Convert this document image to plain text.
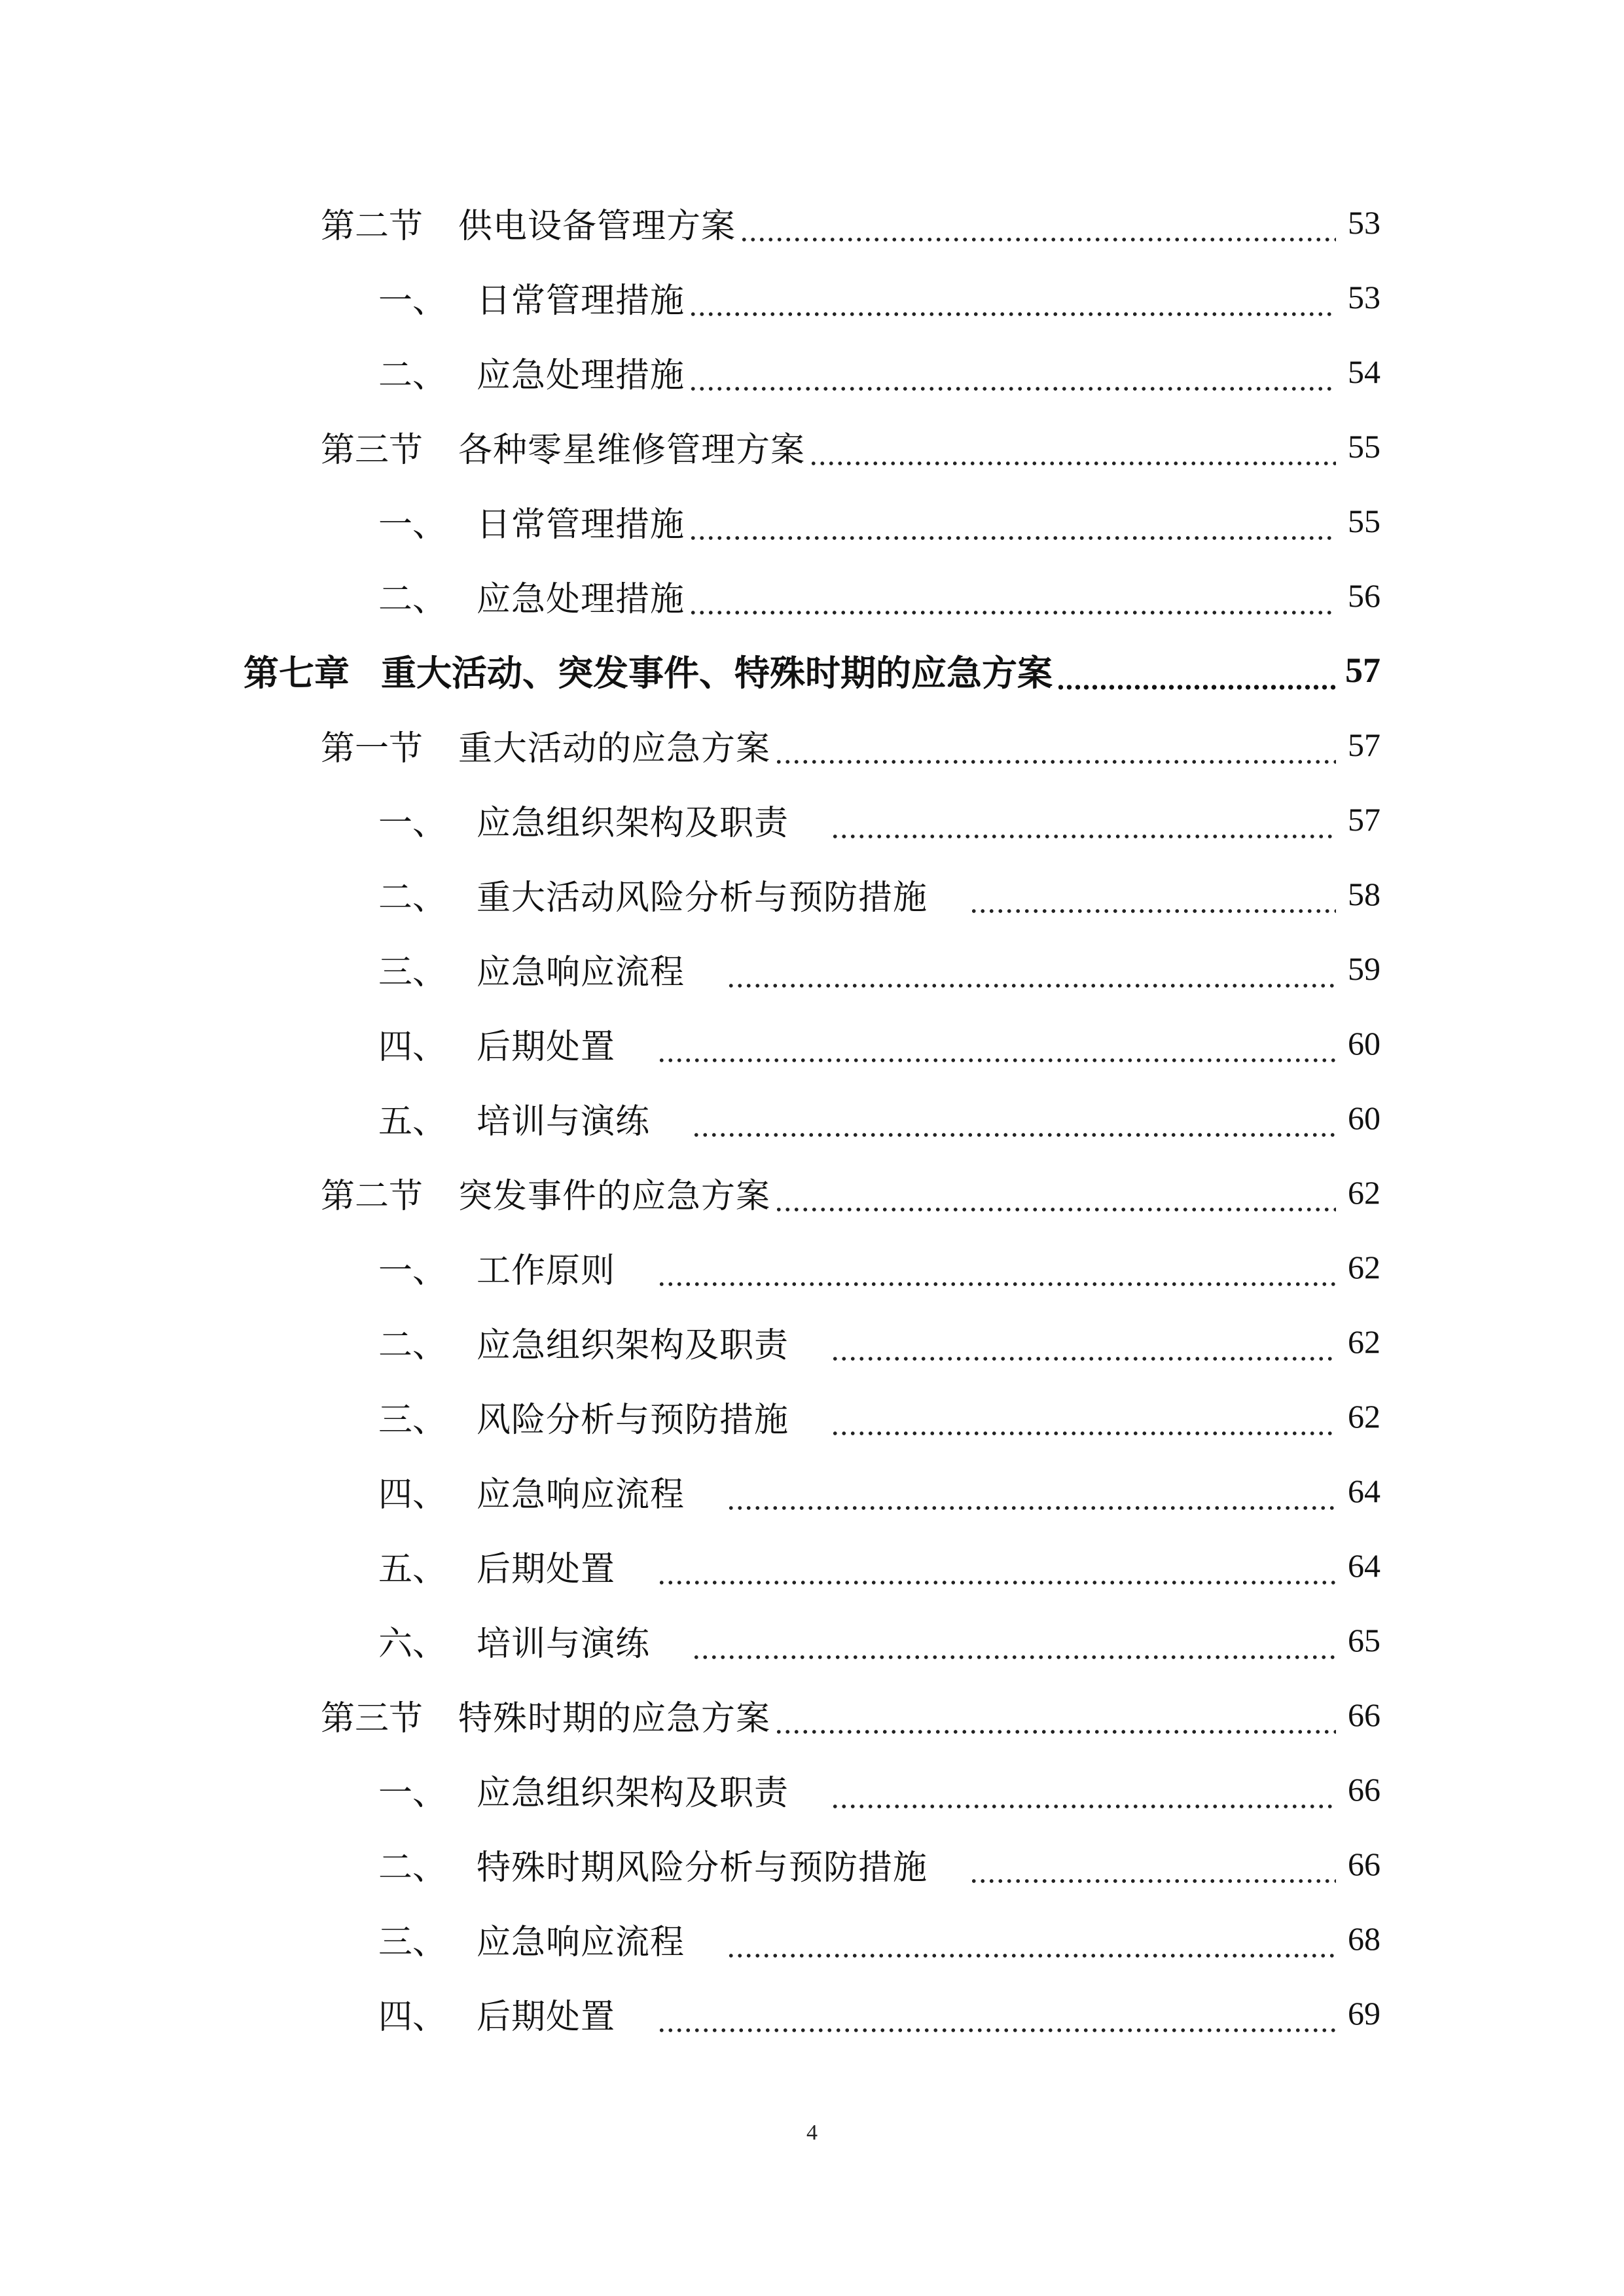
第二节	供电设备管理方案	53
一、 日常管理措施	53
二、 应急处理措施	54
第三节	各种零星维修管理方案	55
一、 日常管理措施	55
二、 应急处理措施	56
第七章 重大活动、突发事件、特殊时期的应急方案	57
第一节	重大活动的应急方案	57
一、 应急组织架构及职责	57
二、 重大活动风险分析与预防措施	58
三、 应急响应流程	59
四、 后期处置	60
五、 培训与演练	60
第二节	突发事件的应急方案	62
一、 工作原则	62
二、 应急组织架构及职责	62
三、 风险分析与预防措施	62
四、 应急响应流程	64
五、 后期处置	64
六、 培训与演练	65
第三节	特殊时期的应急方案	66
一、 应急组织架构及职责	66
二、 特殊时期风险分析与预防措施	66
三、 应急响应流程	68
四、 后期处置	69
4
